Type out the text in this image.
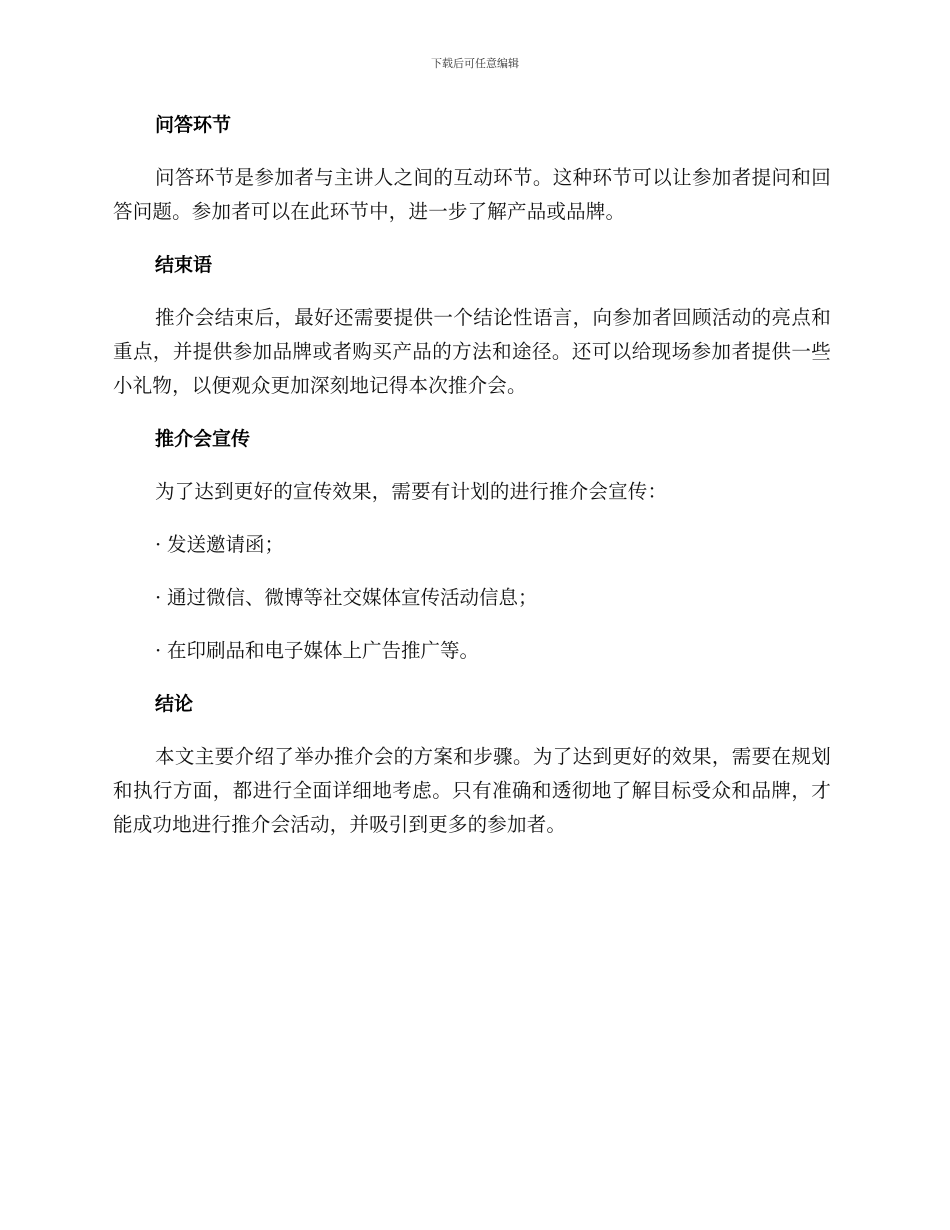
下载后可任意编辑
问答环节
问答环节是参加者与主讲人之间的互动环节。这种环节可以让参加者提问和回答问题。参加者可以在此环节中，进一步了解产品或品牌。
结束语
推介会结束后，最好还需要提供一个结论性语言，向参加者回顾活动的亮点和重点，并提供参加品牌或者购买产品的方法和途径。还可以给现场参加者提供一些小礼物，以便观众更加深刻地记得本次推介会。
推介会宣传
为了达到更好的宣传效果，需要有计划的进行推介会宣传：
· 发送邀请函；
· 通过微信、微博等社交媒体宣传活动信息；
· 在印刷品和电子媒体上广告推广等。
结论
本文主要介绍了举办推介会的方案和步骤。为了达到更好的效果，需要在规划和执行方面，都进行全面详细地考虑。只有准确和透彻地了解目标受众和品牌，才能成功地进行推介会活动，并吸引到更多的参加者。
